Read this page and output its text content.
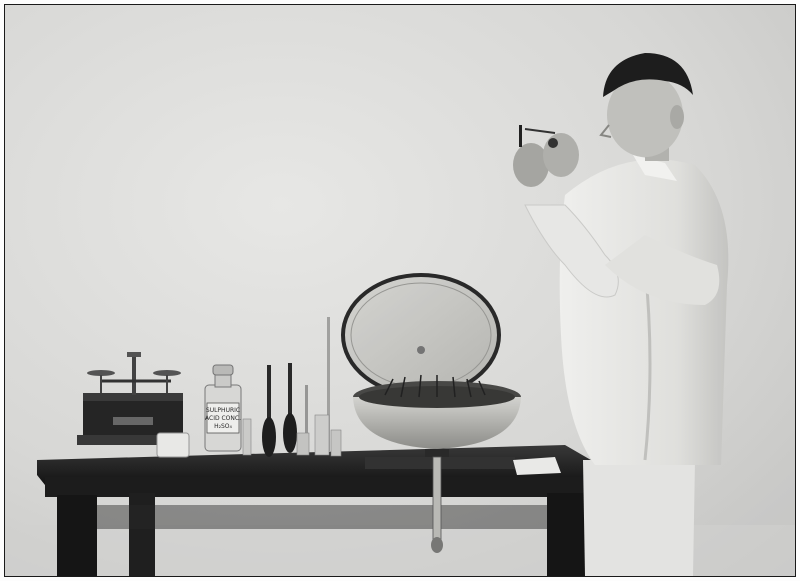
SULPHURIC
ACID CONC.
H₂SO₄
